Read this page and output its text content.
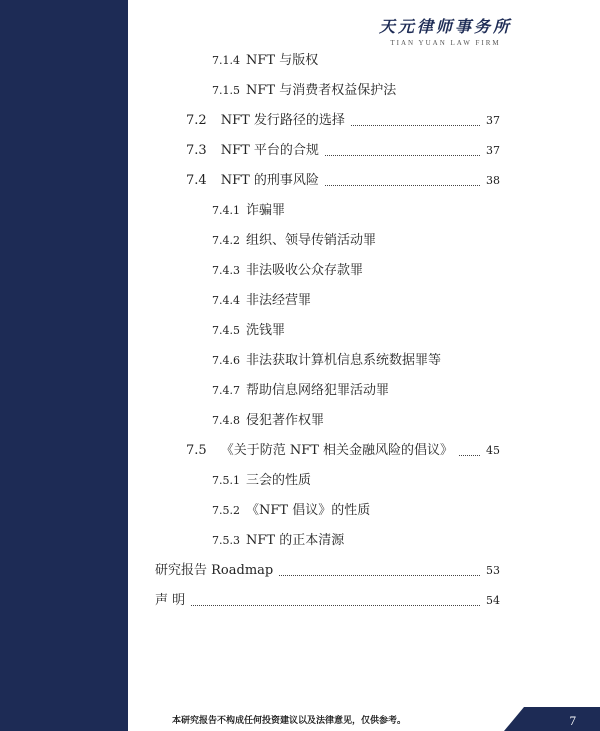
天元律师事务所
TIAN YUAN LAW FIRM
7.1.4 NFT 与版权
7.1.5 NFT 与消费者权益保护法
7.2 NFT 发行路径的选择	37
7.3 NFT 平台的合规	37
7.4 NFT 的刑事风险	38
7.4.1 诈骗罪
7.4.2 组织、领导传销活动罪
7.4.3 非法吸收公众存款罪
7.4.4 非法经营罪
7.4.5 洗钱罪
7.4.6 非法获取计算机信息系统数据罪等
7.4.7 帮助信息网络犯罪活动罪
7.4.8 侵犯著作权罪
7.5 《关于防范 NFT 相关金融风险的倡议》	45
7.5.1 三会的性质
7.5.2 《NFT 倡议》的性质
7.5.3 NFT 的正本清源
研究报告 Roadmap	53
声 明	54
本研究报告不构成任何投资建议以及法律意见，仅供参考。	7
